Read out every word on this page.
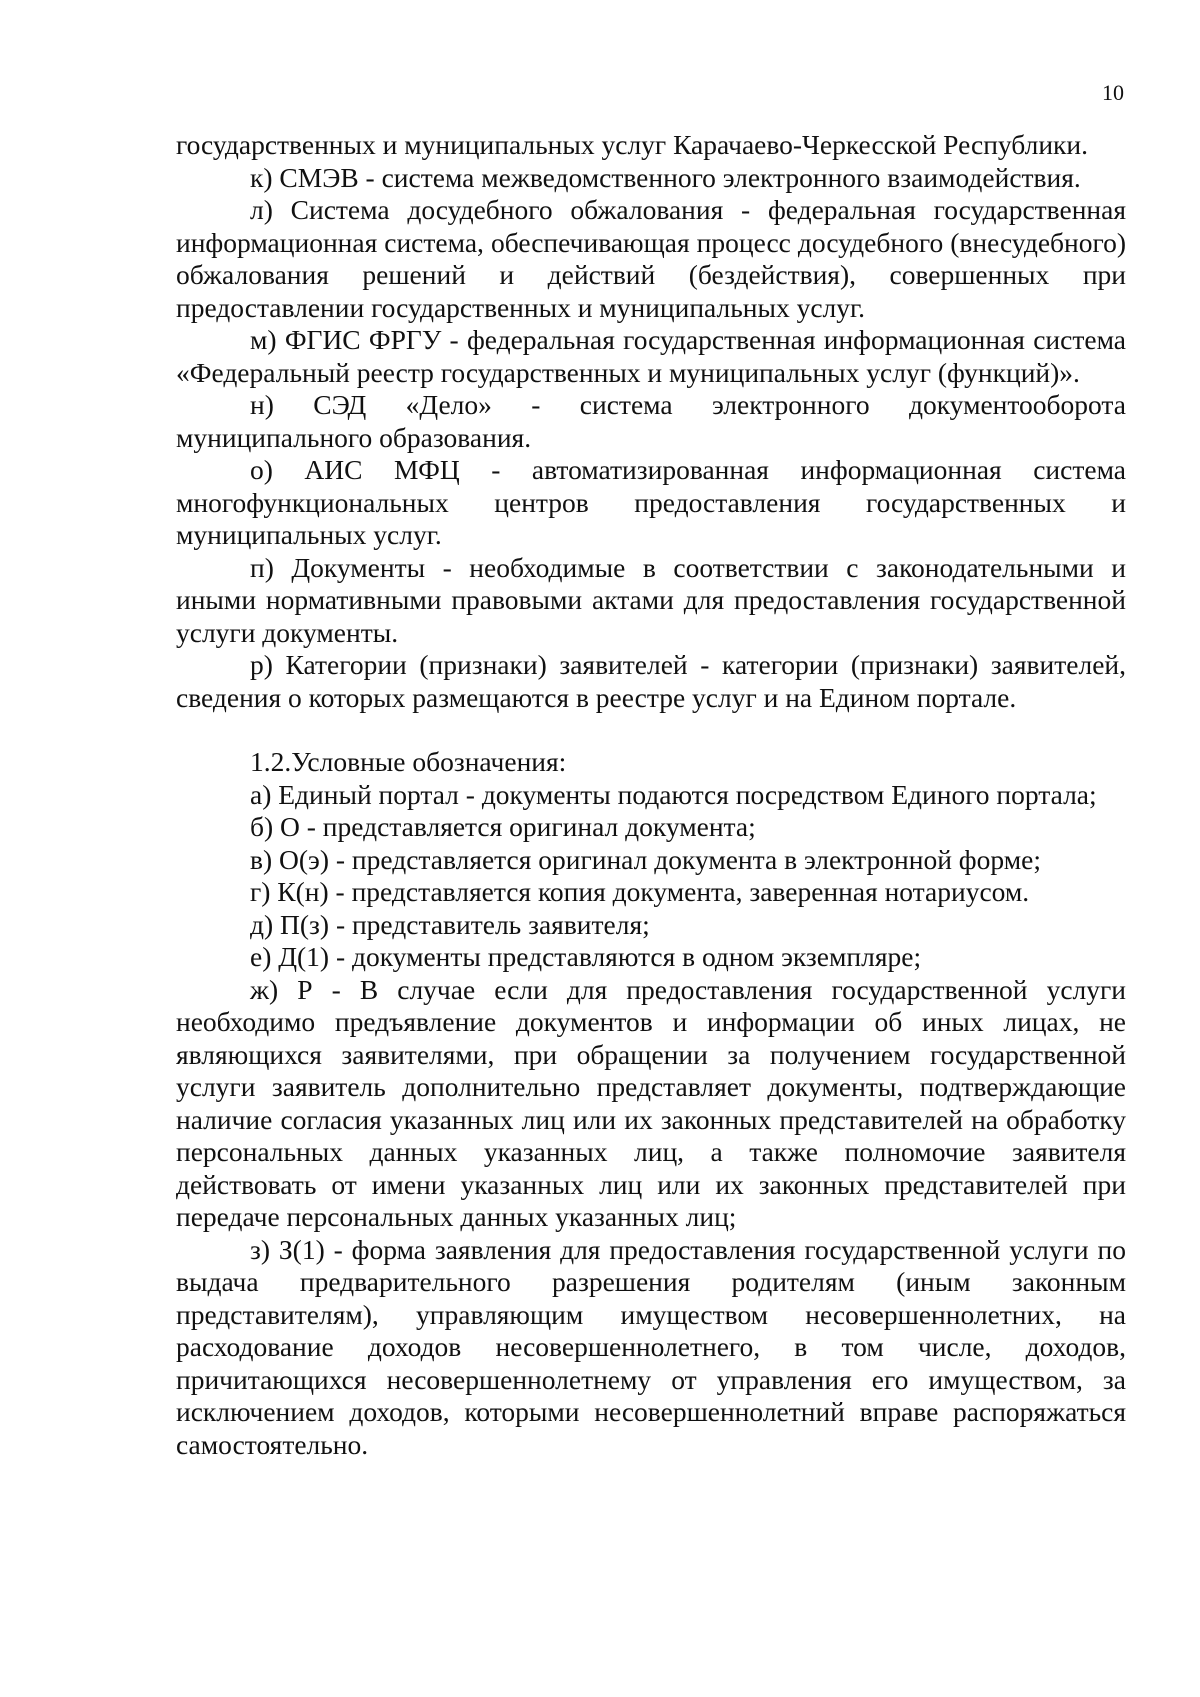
10

государственных и муниципальных услуг Карачаево-Черкесской Республики.

к) СМЭВ - система межведомственного электронного взаимодействия.

л) Система досудебного обжалования - федеральная государственная информационная система, обеспечивающая процесс досудебного (внесудебного) обжалования решений и действий (бездействия), совершенных при предоставлении государственных и муниципальных услуг.

м) ФГИС ФРГУ - федеральная государственная информационная система «Федеральный реестр государственных и муниципальных услуг (функций)».

н) СЭД «Дело» - система электронного документооборота муниципального образования.

о) АИС МФЦ - автоматизированная информационная система многофункциональных центров предоставления государственных и муниципальных услуг.

п) Документы - необходимые в соответствии с законодательными и иными нормативными правовыми актами для предоставления государственной услуги документы.

р) Категории (признаки) заявителей - категории (признаки) заявителей, сведения о которых размещаются в реестре услуг и на Едином портале.

1.2.Условные обозначения:

а) Единый портал - документы подаются посредством Единого портала;

б) О - представляется оригинал документа;

в) О(э) - представляется оригинал документа в электронной форме;

г) К(н) - представляется копия документа, заверенная нотариусом.

д) П(з) - представитель заявителя;

е) Д(1) - документы представляются в одном экземпляре;

ж) Р - В случае если для предоставления государственной услуги необходимо предъявление документов и информации об иных лицах, не являющихся заявителями, при обращении за получением государственной услуги заявитель дополнительно представляет документы, подтверждающие наличие согласия указанных лиц или их законных представителей на обработку персональных данных указанных лиц, а также полномочие заявителя действовать от имени указанных лиц или их законных представителей при передаче персональных данных указанных лиц;

з) З(1) - форма заявления для предоставления государственной услуги по выдача предварительного разрешения родителям (иным законным представителям), управляющим имуществом несовершеннолетних, на расходование доходов несовершеннолетнего, в том числе, доходов, причитающихся несовершеннолетнему от управления его имуществом, за исключением доходов, которыми несовершеннолетний вправе распоряжаться самостоятельно.
